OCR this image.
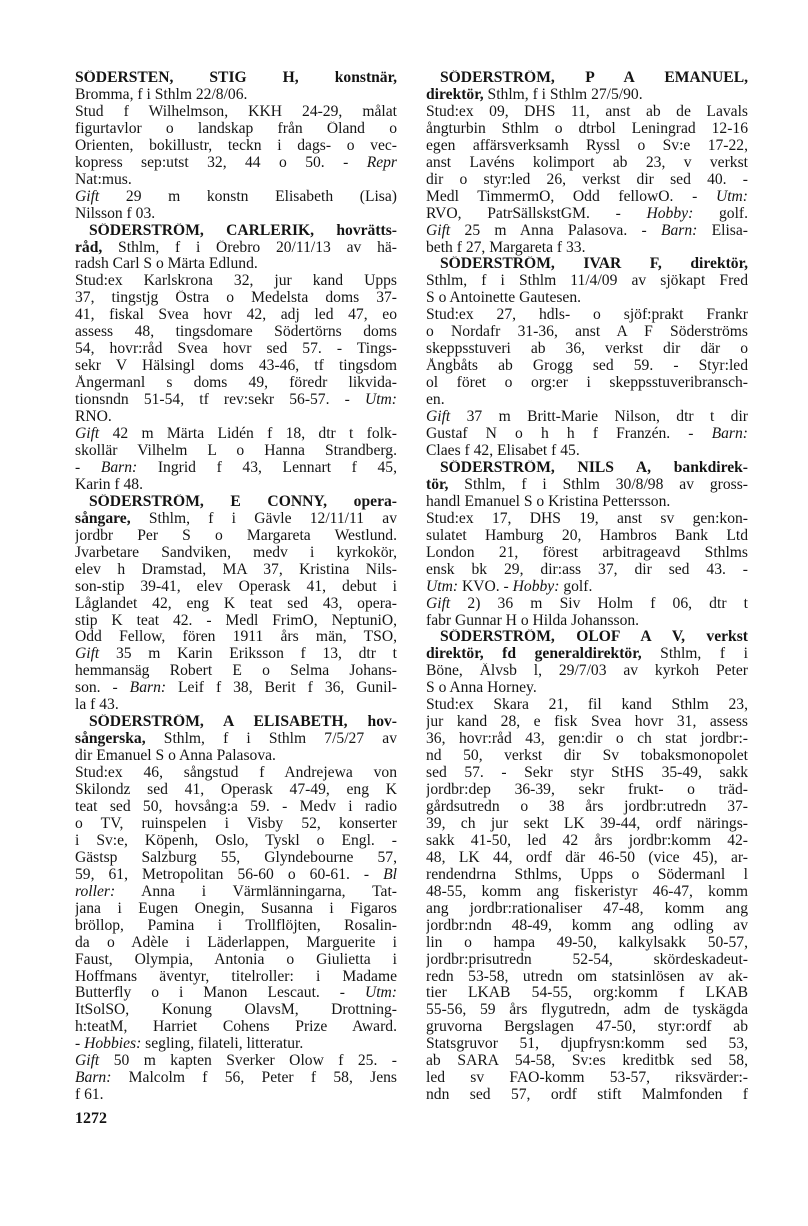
SÖDERSTEN, STIG H, konstnär,
Bromma, f i Sthlm 22/8/06.
Stud f Wilhelmson, KKH 24-29, målat
figurtavlor o landskap från Öland o
Orienten, bokillustr, teckn i dags- o vec-
kopress sep:utst 32, 44 o 50. - Repr
Nat:mus.
Gift 29 m konstn Elisabeth (Lisa)
Nilsson f 03.
SÖDERSTRÖM, CARLERIK, hovrätts-
råd, Sthlm, f i Örebro 20/11/13 av hä-
radsh Carl S o Märta Edlund.
Stud:ex Karlskrona 32, jur kand Upps
37, tingstjg Östra o Medelsta doms 37-
41, fiskal Svea hovr 42, adj led 47, eo
assess 48, tingsdomare Södertörns doms
54, hovr:råd Svea hovr sed 57. - Tings-
sekr V Hälsingl doms 43-46, tf tingsdom
Ångermanl s doms 49, föredr likvida-
tionsndn 51-54, tf rev:sekr 56-57. - Utm:
RNO.
Gift 42 m Märta Lidén f 18, dtr t folk-
skollär Vilhelm L o Hanna Strandberg.
- Barn: Ingrid f 43, Lennart f 45,
Karin f 48.
SÖDERSTRÖM, E CONNY, opera-
sångare, Sthlm, f i Gävle 12/11/11 av
jordbr Per S o Margareta Westlund.
Jvarbetare Sandviken, medv i kyrkokör,
elev h Dramstad, MA 37, Kristina Nils-
son-stip 39-41, elev Operask 41, debut i
Låglandet 42, eng K teat sed 43, opera-
stip K teat 42. - Medl FrimO, NeptuniO,
Odd Fellow, fören 1911 års män, TSO,
Gift 35 m Karin Eriksson f 13, dtr t
hemmansäg Robert E o Selma Johans-
son. - Barn: Leif f 38, Berit f 36, Gunil-
la f 43.
SÖDERSTRÖM, A ELISABETH, hov-
sångerska, Sthlm, f i Sthlm 7/5/27 av
dir Emanuel S o Anna Palasova.
Stud:ex 46, sångstud f Andrejewa von
Skilondz sed 41, Operask 47-49, eng K
teat sed 50, hovsång:a 59. - Medv i radio
o TV, ruinspelen i Visby 52, konserter
i Sv:e, Köpenh, Oslo, Tyskl o Engl. -
Gästsp Salzburg 55, Glyndebourne 57,
59, 61, Metropolitan 56-60 o 60-61. - Bl
roller: Anna i Värmlänningarna, Tat-
jana i Eugen Onegin, Susanna i Figaros
bröllop, Pamina i Trollflöjten, Rosalin-
da o Adèle i Läderlappen, Marguerite i
Faust, Olympia, Antonia o Giulietta i
Hoffmans äventyr, titelroller: i Madame
Butterfly o i Manon Lescaut. - Utm:
ItSolSO, Konung OlavsM, Drottning-
h:teatM, Harriet Cohens Prize Award.
- Hobbies: segling, filateli, litteratur.
Gift 50 m kapten Sverker Olow f 25. -
Barn: Malcolm f 56, Peter f 58, Jens
f 61.
SÖDERSTRÖM, P A EMANUEL,
direktör, Sthlm, f i Sthlm 27/5/90.
Stud:ex 09, DHS 11, anst ab de Lavals
ångturbin Sthlm o dtrbol Leningrad 12-16
egen affärsverksamh Ryssl o Sv:e 17-22,
anst Lavéns kolimport ab 23, v verkst
dir o styr:led 26, verkst dir sed 40. -
Medl TimmermO, Odd fellowO. - Utm:
RVO, PatrSällskstGM. - Hobby: golf.
Gift 25 m Anna Palasova. - Barn: Elisa-
beth f 27, Margareta f 33.
SÖDERSTRÖM, IVAR F, direktör,
Sthlm, f i Sthlm 11/4/09 av sjökapt Fred
S o Antoinette Gautesen.
Stud:ex 27, hdls- o sjöf:prakt Frankr
o Nordafr 31-36, anst A F Söderströms
skeppsstuveri ab 36, verkst dir där o
Ångbåts ab Grogg sed 59. - Styr:led
ol föret o org:er i skeppsstuveribransch-
en.
Gift 37 m Britt-Marie Nilson, dtr t dir
Gustaf N o h h f Franzén. - Barn:
Claes f 42, Elisabet f 45.
SÖDERSTRÖM, NILS A, bankdirek-
tör, Sthlm, f i Sthlm 30/8/98 av gross-
handl Emanuel S o Kristina Pettersson.
Stud:ex 17, DHS 19, anst sv gen:kon-
sulatet Hamburg 20, Hambros Bank Ltd
London 21, förest arbitrageavd Sthlms
ensk bk 29, dir:ass 37, dir sed 43. -
Utm: KVO. - Hobby: golf.
Gift 2) 36 m Siv Holm f 06, dtr t
fabr Gunnar H o Hilda Johansson.
SÖDERSTRÖM, OLOF A V, verkst
direktör, fd generaldirektör, Sthlm, f i
Böne, Älvsb l, 29/7/03 av kyrkoh Peter
S o Anna Horney.
Stud:ex Skara 21, fil kand Sthlm 23,
jur kand 28, e fisk Svea hovr 31, assess
36, hovr:råd 43, gen:dir o ch stat jordbr:-
nd 50, verkst dir Sv tobaksmonopolet
sed 57. - Sekr styr StHS 35-49, sakk
jordbr:dep 36-39, sekr frukt- o träd-
gårdsutredn o 38 års jordbr:utredn 37-
39, ch jur sekt LK 39-44, ordf närings-
sakk 41-50, led 42 års jordbr:komm 42-
48, LK 44, ordf där 46-50 (vice 45), ar-
rendendrna Sthlms, Upps o Södermanl l
48-55, komm ang fiskeristyr 46-47, komm
ang jordbr:rationaliser 47-48, komm ang
jordbr:ndn 48-49, komm ang odling av
lin o hampa 49-50, kalkylsakk 50-57,
jordbr:prisutredn 52-54, skördeskadeut-
redn 53-58, utredn om statsinlösen av ak-
tier LKAB 54-55, org:komm f LKAB
55-56, 59 års flygutredn, adm de tyskägda
gruvorna Bergslagen 47-50, styr:ordf ab
Statsgruvor 51, djupfrysn:komm sed 53,
ab SARA 54-58, Sv:es kreditbk sed 58,
led sv FAO-komm 53-57, riksvärder:-
ndn sed 57, ordf stift Malmfonden f
1272
